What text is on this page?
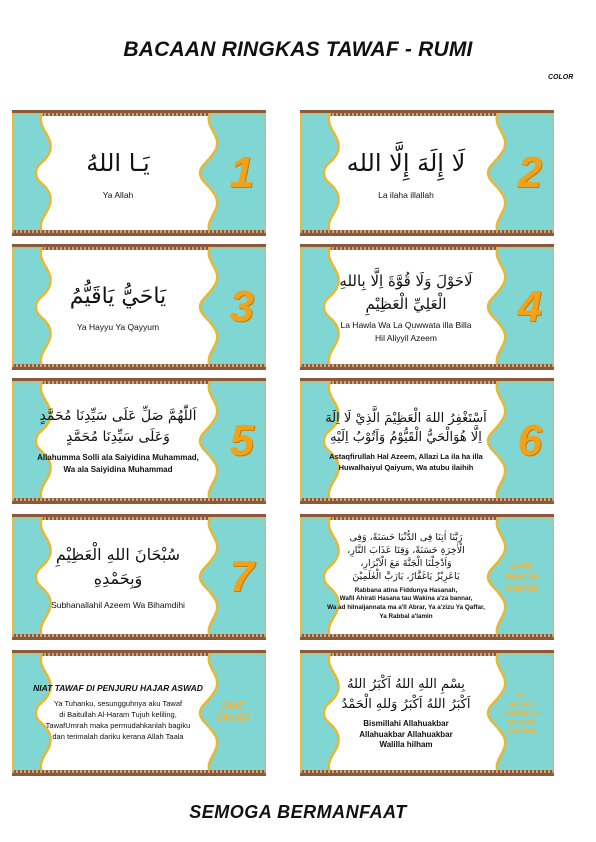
BACAAN RINGKAS TAWAF - RUMI
COLOR
يَـا اللهُ
Ya Allah 1	لَا إِلَهَ إِلَّا الله
La ilaha illallah 2
يَاحَيُّ يَاقَيُّمُ
Ya Hayyu Ya Qayyum 3
لَاحَوْلَ وَلَا قُوَّةَ اِلَّا بِاللهِ
الْعَلِيِّ الْعَظِيْمِ
La Hawla Wa La Quwwata illa Billa
Hil Aliyyil Azeem
4
اَللّٰهُمَّ صَلِّ عَلَى سَيِّدِنَا مُحَمَّدٍ
وَعَلَى سَيِّدِنَا مُحَمَّدٍ
Allahumma Solli ala Saiyidina Muhammad,
Wa ala Saiyidina Muhammad
5	اَسْتَغْفِرُ اللهَ الْعَظِيْمَ الَّذِيْ لَا اِلَهَ
اِلَّا هُوَالْحَيُّ الْقَيُّوْمُ وَاَتُوْبُ اِلَيْهِ
Astaqfirullah Hal Azeem, Allazi La ila ha illa
Huwalhaiyul Qaiyum, Wa atubu ilaihih
6
سُبْحَانَ اللهِ الْعَظِيْمِ وَبِحَمْدِهِ
Subhanallahil Azeem Wa Bihamdihi
7
رَبَّنَا اٰتِنَا فِى الدُّنْيَا حَسَنَةً، وَفِى
الْاٰخِرَةِ حَسَنَةً، وَقِنَا عَذَابَ النَّارِ،
وَاَدْخِلْنَا الْجَنَّةَ مَعَ الْاَبْرَارِ،
يَاعَزِيْزُ يَاغَفَّارُ، يَارَبَّ الْعٰلَمِيْنَ
Rabbana atina Fiddunya Hasanah,
Wafil Ahirati Hasana tau Wakina a'za bannar,
Wa ad hilnaljannata ma a'll Abrar, Ya a'zizu Ya Qaffar,
Ya Rabbal a'lamin
DARI
RUKUN
YAMANI
NIAT TAWAF DI PENJURU HAJAR ASWAD
Ya Tuhanku, sesungguhnya aku Tawaf
di Baitullah Al-Haram Tujuh keliling,
TawafUmrah maka permudahkanlah bagiku
dan terimalah dariku kerana Allah Taala
NIAT
TAWAF
بِسْمِ اللهِ اللهُ اَكْبَرُ اللهُ
اَكْبَرُ اللهُ اَكْبَرُ وَللهِ الْحَمْدُ
Bismillahi Allahuakbar
Allahuakbar Allahuakbar
Walilla hilham
DI
HAJAR
ASWAD &
RUKUN
YAMANI
SEMOGA BERMANFAAT
